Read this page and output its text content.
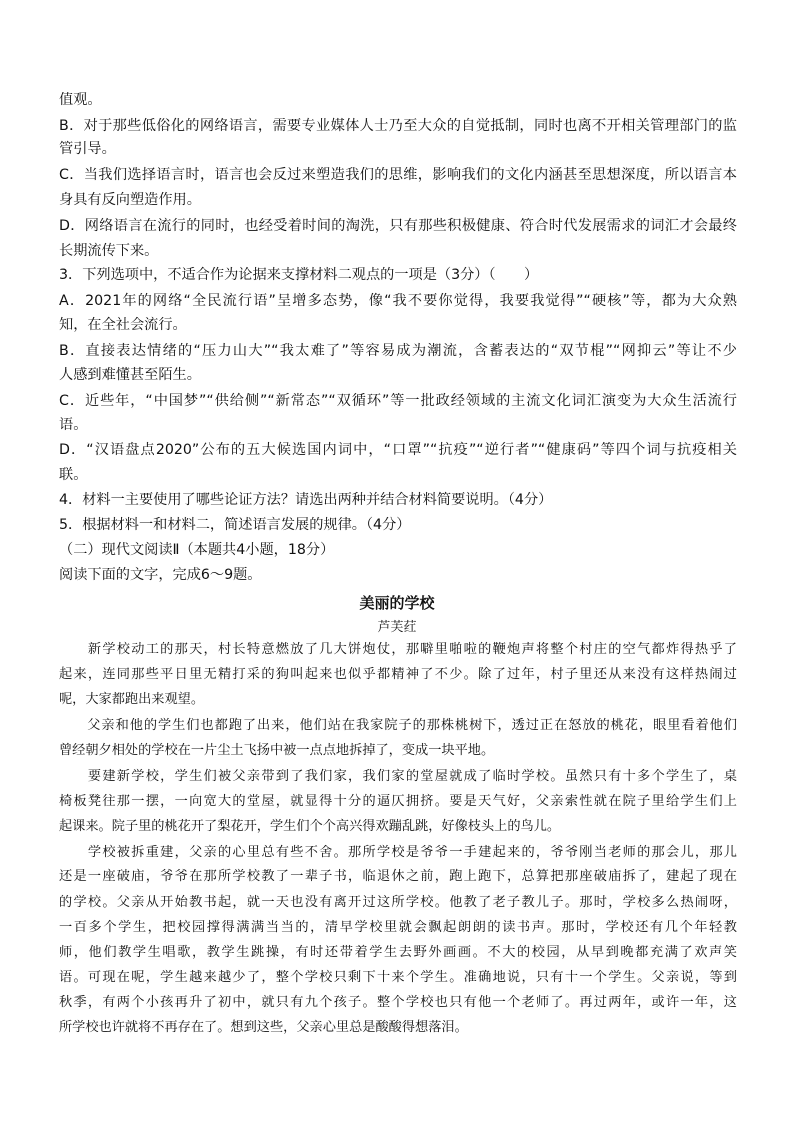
值观。
B．对于那些低俗化的网络语言，需要专业媒体人士乃至大众的自觉抵制，同时也离不开相关管理部门的监
管引导。
C．当我们选择语言时，语言也会反过来塑造我们的思维，影响我们的文化内涵甚至思想深度，所以语言本
身具有反向塑造作用。
D．网络语言在流行的同时，也经受着时间的淘洗，只有那些积极健康、符合时代发展需求的词汇才会最终
长期流传下来。
3．下列选项中，不适合作为论据来支撑材料二观点的一项是（3分）（　　）
A．2021年的网络“全民流行语”呈增多态势，像“我不要你觉得，我要我觉得”“硬核”等，都为大众熟
知，在全社会流行。
B．直接表达情绪的“压力山大”“我太难了”等容易成为潮流，含蓄表达的“双节棍”“网抑云”等让不少
人感到难懂甚至陌生。
C．近些年，“中国梦”“供给侧”“新常态”“双循环”等一批政经领域的主流文化词汇演变为大众生活流行
语。
D．“汉语盘点2020”公布的五大候选国内词中，“口罩”“抗疫”“逆行者”“健康码”等四个词与抗疫相关
联。
4．材料一主要使用了哪些论证方法？请选出两种并结合材料简要说明。（4分）
5．根据材料一和材料二，简述语言发展的规律。（4分）
（二）现代文阅读Ⅱ（本题共4小题，18分）
阅读下面的文字，完成6～9题。
美丽的学校
芦芙荭
　　新学校动工的那天，村长特意燃放了几大饼炮仗，那噼里啪啦的鞭炮声将整个村庄的空气都炸得热乎了
起来，连同那些平日里无精打采的狗叫起来也似乎都精神了不少。除了过年，村子里还从来没有这样热闹过
呢，大家都跑出来观望。
　　父亲和他的学生们也都跑了出来，他们站在我家院子的那株桃树下，透过正在怒放的桃花，眼里看着他们
曾经朝夕相处的学校在一片尘土飞扬中被一点点地拆掉了，变成一块平地。
　　要建新学校，学生们被父亲带到了我们家，我们家的堂屋就成了临时学校。虽然只有十多个学生了，桌
椅板凳往那一摆，一向宽大的堂屋，就显得十分的逼仄拥挤。要是天气好，父亲索性就在院子里给学生们上
起课来。院子里的桃花开了梨花开，学生们个个高兴得欢蹦乱跳，好像枝头上的鸟儿。
　　学校被拆重建，父亲的心里总有些不舍。那所学校是爷爷一手建起来的，爷爷刚当老师的那会儿，那儿
还是一座破庙，爷爷在那所学校教了一辈子书，临退休之前，跑上跑下，总算把那座破庙拆了，建起了现在
的学校。父亲从开始教书起，就一天也没有离开过这所学校。他教了老子教儿子。那时，学校多么热闹呀，
一百多个学生，把校园撑得满满当当的，清早学校里就会飘起朗朗的读书声。那时，学校还有几个年轻教
师，他们教学生唱歌，教学生跳操，有时还带着学生去野外画画。不大的校园，从早到晚都充满了欢声笑
语。可现在呢，学生越来越少了，整个学校只剩下十来个学生。准确地说，只有十一个学生。父亲说，等到
秋季，有两个小孩再升了初中，就只有九个孩子。整个学校也只有他一个老师了。再过两年，或许一年，这
所学校也许就将不再存在了。想到这些，父亲心里总是酸酸得想落泪。
